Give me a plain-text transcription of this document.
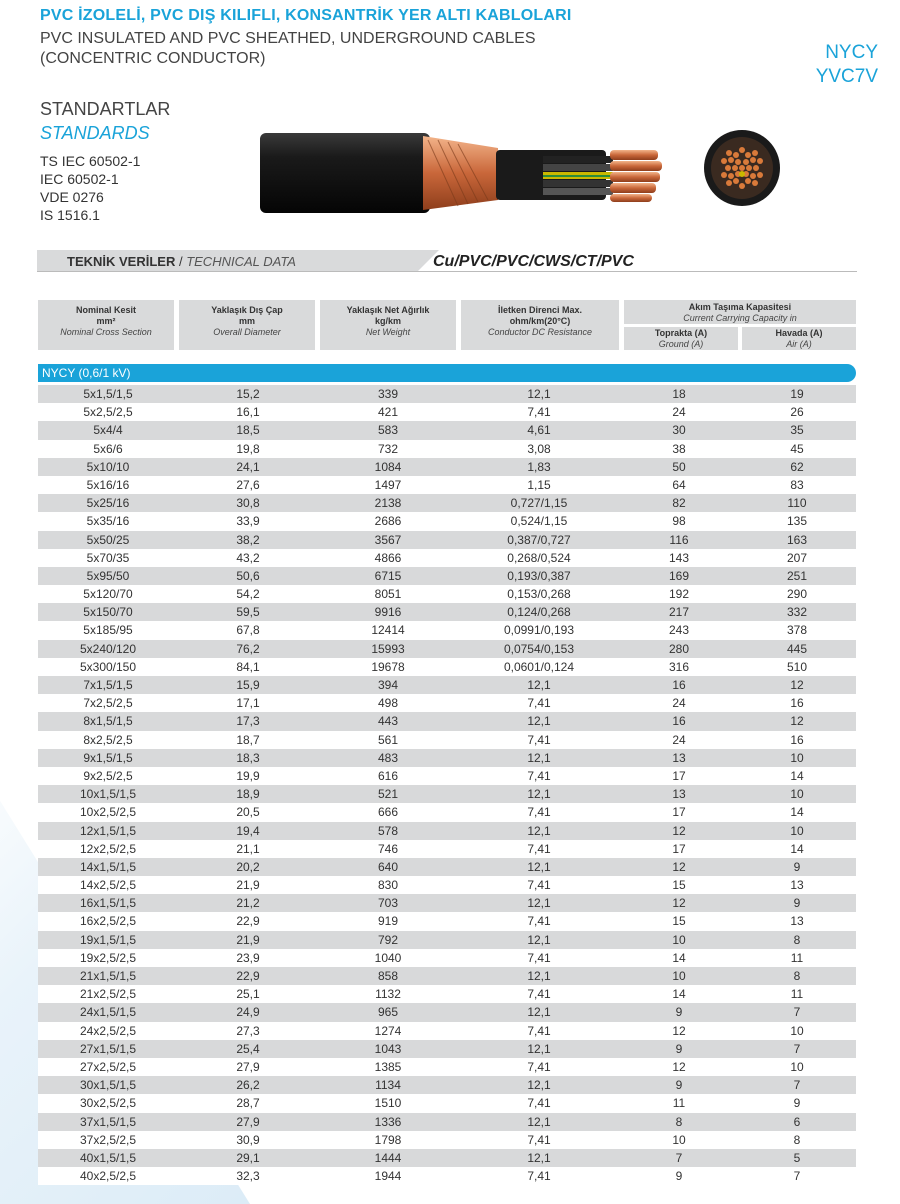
PVC İZOLELİ, PVC DIŞ KILIFLI, KONSANTRİK YER ALTI KABLOLARI
PVC INSULATED AND PVC SHEATHED, UNDERGROUND CABLES
(CONCENTRIC CONDUCTOR)	NYCY
YVC7V
STANDARTLAR
STANDARDS
TS IEC 60502-1
IEC 60502-1
VDE 0276
IS 1516.1
TEKNİK VERİLER / TECHNICAL DATA	Cu/PVC/PVC/CWS/CT/PVC
Nominal Kesit
mm²
Nominal Cross Section
Yaklaşık Dış Çap
mm
Overall Diameter
Yaklaşık Net Ağırlık
kg/km
Net Weight
İletken Direnci Max.
ohm/km(20°C)
Conductor DC Resistance
Akım Taşıma Kapasitesi
Current Carrying Capacity in
Toprakta (A)
Ground (A)
Havada (A)
Air (A)
NYCY (0,6/1 kV)
5x1,5/1,5	15,2	339	12,1	18	19
5x2,5/2,5	16,1	421	7,41	24	26
5x4/4	18,5	583	4,61	30	35
5x6/6	19,8	732	3,08	38	45
5x10/10	24,1	1084	1,83	50	62
5x16/16	27,6	1497	1,15	64	83
5x25/16	30,8	2138	0,727/1,15	82	110
5x35/16	33,9	2686	0,524/1,15	98	135
5x50/25	38,2	3567	0,387/0,727	116	163
5x70/35	43,2	4866	0,268/0,524	143	207
5x95/50	50,6	6715	0,193/0,387	169	251
5x120/70	54,2	8051	0,153/0,268	192	290
5x150/70	59,5	9916	0,124/0,268	217	332
5x185/95	67,8	12414	0,0991/0,193	243	378
5x240/120	76,2	15993	0,0754/0,153	280	445
5x300/150	84,1	19678	0,0601/0,124	316	510
7x1,5/1,5	15,9	394	12,1	16	12
7x2,5/2,5	17,1	498	7,41	24	16
8x1,5/1,5	17,3	443	12,1	16	12
8x2,5/2,5	18,7	561	7,41	24	16
9x1,5/1,5	18,3	483	12,1	13	10
9x2,5/2,5	19,9	616	7,41	17	14
10x1,5/1,5	18,9	521	12,1	13	10
10x2,5/2,5	20,5	666	7,41	17	14
12x1,5/1,5	19,4	578	12,1	12	10
12x2,5/2,5	21,1	746	7,41	17	14
14x1,5/1,5	20,2	640	12,1	12	9
14x2,5/2,5	21,9	830	7,41	15	13
16x1,5/1,5	21,2	703	12,1	12	9
16x2,5/2,5	22,9	919	7,41	15	13
19x1,5/1,5	21,9	792	12,1	10	8
19x2,5/2,5	23,9	1040	7,41	14	11
21x1,5/1,5	22,9	858	12,1	10	8
21x2,5/2,5	25,1	1132	7,41	14	11
24x1,5/1,5	24,9	965	12,1	9	7
24x2,5/2,5	27,3	1274	7,41	12	10
27x1,5/1,5	25,4	1043	12,1	9	7
27x2,5/2,5	27,9	1385	7,41	12	10
30x1,5/1,5	26,2	1134	12,1	9	7
30x2,5/2,5	28,7	1510	7,41	11	9
37x1,5/1,5	27,9	1336	12,1	8	6
37x2,5/2,5	30,9	1798	7,41	10	8
40x1,5/1,5	29,1	1444	12,1	7	5
40x2,5/2,5	32,3	1944	7,41	9	7
